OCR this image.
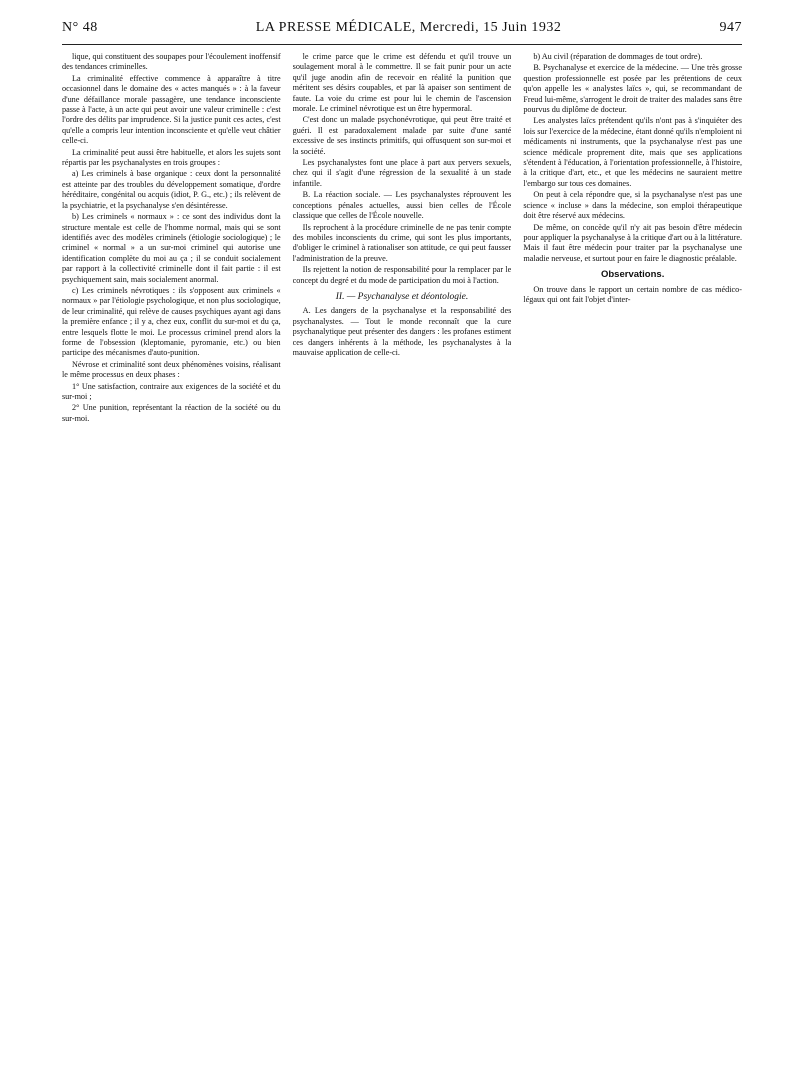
N° 48	LA PRESSE MÉDICALE, Mercredi, 15 Juin 1932	947

lique, qui constituent des soupapes pour l'écoulement inoffensif des tendances criminelles.

La criminalité effective commence à apparaître à titre occasionnel dans le domaine des « actes manqués » : à la faveur d'une défaillance morale passagère, une tendance inconsciente passe à l'acte, à un acte qui peut avoir une valeur criminelle : c'est l'ordre des délits par imprudence. Si la justice punit ces actes, c'est qu'elle a compris leur intention inconsciente et qu'elle veut châtier celle-ci.

La criminalité peut aussi être habituelle, et alors les sujets sont répartis par les psychanalystes en trois groupes :

a) Les criminels à base organique : ceux dont la personnalité est atteinte par des troubles du développement somatique, d'ordre héréditaire, congénital ou acquis (idiot, P. G., etc.) ; ils relèvent de la psychiatrie, et la psychanalyse s'en désintéresse.

b) Les criminels « normaux » : ce sont des individus dont la structure mentale est celle de l'homme normal, mais qui se sont identifiés avec des modèles criminels (étiologie sociologique) ; le criminel « normal » a un sur-moi criminel qui autorise une identification complète du moi au ça ; il se conduit socialement par rapport à la collectivité criminelle dont il fait partie : il est psychiquement sain, mais socialement anormal.

c) Les criminels névrotiques : ils s'opposent aux criminels « normaux » par l'étiologie psychologique, et non plus sociologique, de leur criminalité, qui relève de causes psychiques ayant agi dans la première enfance ; il y a, chez eux, conflit du sur-moi et du ça, entre lesquels flotte le moi. Le processus criminel prend alors la forme de l'obsession (kleptomanie, pyromanie, etc.) ou bien participe des mécanismes d'auto-punition.

Névrose et criminalité sont deux phénomènes voisins, réalisant le même processus en deux phases :

1° Une satisfaction, contraire aux exigences de la société et du sur-moi ;

2° Une punition, représentant la réaction de la société ou du sur-moi.

le crime parce que le crime est défendu et qu'il trouve un soulagement moral à le commettre. Il se fait punir pour un acte qu'il juge anodin afin de recevoir en réalité la punition que méritent ses désirs coupables, et par là apaiser son sentiment de faute. La voie du crime est pour lui le chemin de l'ascension morale. Le criminel névrotique est un être hypermoral.

C'est donc un malade psychonévrotique, qui peut être traité et guéri. Il est paradoxalement malade par suite d'une santé excessive de ses instincts primitifs, qui offusquent son sur-moi et la société.

Les psychanalystes font une place à part aux pervers sexuels, chez qui il s'agit d'une régression de la sexualité à un stade infantile.

B. La réaction sociale. — Les psychanalystes réprouvent les conceptions pénales actuelles, aussi bien celles de l'École classique que celles de l'École nouvelle.

Ils reprochent à la procédure criminelle de ne pas tenir compte des mobiles inconscients du crime, qui sont les plus importants, d'obliger le criminel à rationaliser son attitude, ce qui peut fausser l'administration de la preuve.

Ils rejettent la notion de responsabilité pour la remplacer par le concept du degré et du mode de participation du moi à l'action.

II. — Psychanalyse et déontologie.

A. Les dangers de la psychanalyse et la responsabilité des psychanalystes. — Tout le monde reconnaît que la cure psychanalytique peut présenter des dangers : les profanes estiment ces dangers inhérents à la méthode, les psychanalystes à la mauvaise application de celle-ci.

b) Au civil (réparation de dommages de tout ordre).

B. Psychanalyse et exercice de la médecine. — Une très grosse question professionnelle est posée par les prétentions de ceux qu'on appelle les « analystes laïcs », qui, se recommandant de Freud lui-même, s'arrogent le droit de traiter des malades sans être pourvus du diplôme de docteur.

Les analystes laïcs prétendent qu'ils n'ont pas à s'inquiéter des lois sur l'exercice de la médecine, étant donné qu'ils n'emploient ni médicaments ni instruments, que la psychanalyse n'est pas une science médicale proprement dite, mais que ses applications s'étendent à l'éducation, à l'orientation professionnelle, à l'histoire, à la critique d'art, etc., et que les médecins ne sauraient mettre l'embargo sur tous ces domaines.

On peut à cela répondre que, si la psychanalyse n'est pas une science « incluse » dans la médecine, son emploi thérapeutique doit être réservé aux médecins.

De même, on concède qu'il n'y ait pas besoin d'être médecin pour appliquer la psychanalyse à la critique d'art ou à la littérature. Mais il faut être médecin pour traiter par la psychanalyse une maladie nerveuse, et surtout pour en faire le diagnostic préalable.

Observations.

On trouve dans le rapport un certain nombre de cas médico-légaux qui ont fait l'objet d'inter-
